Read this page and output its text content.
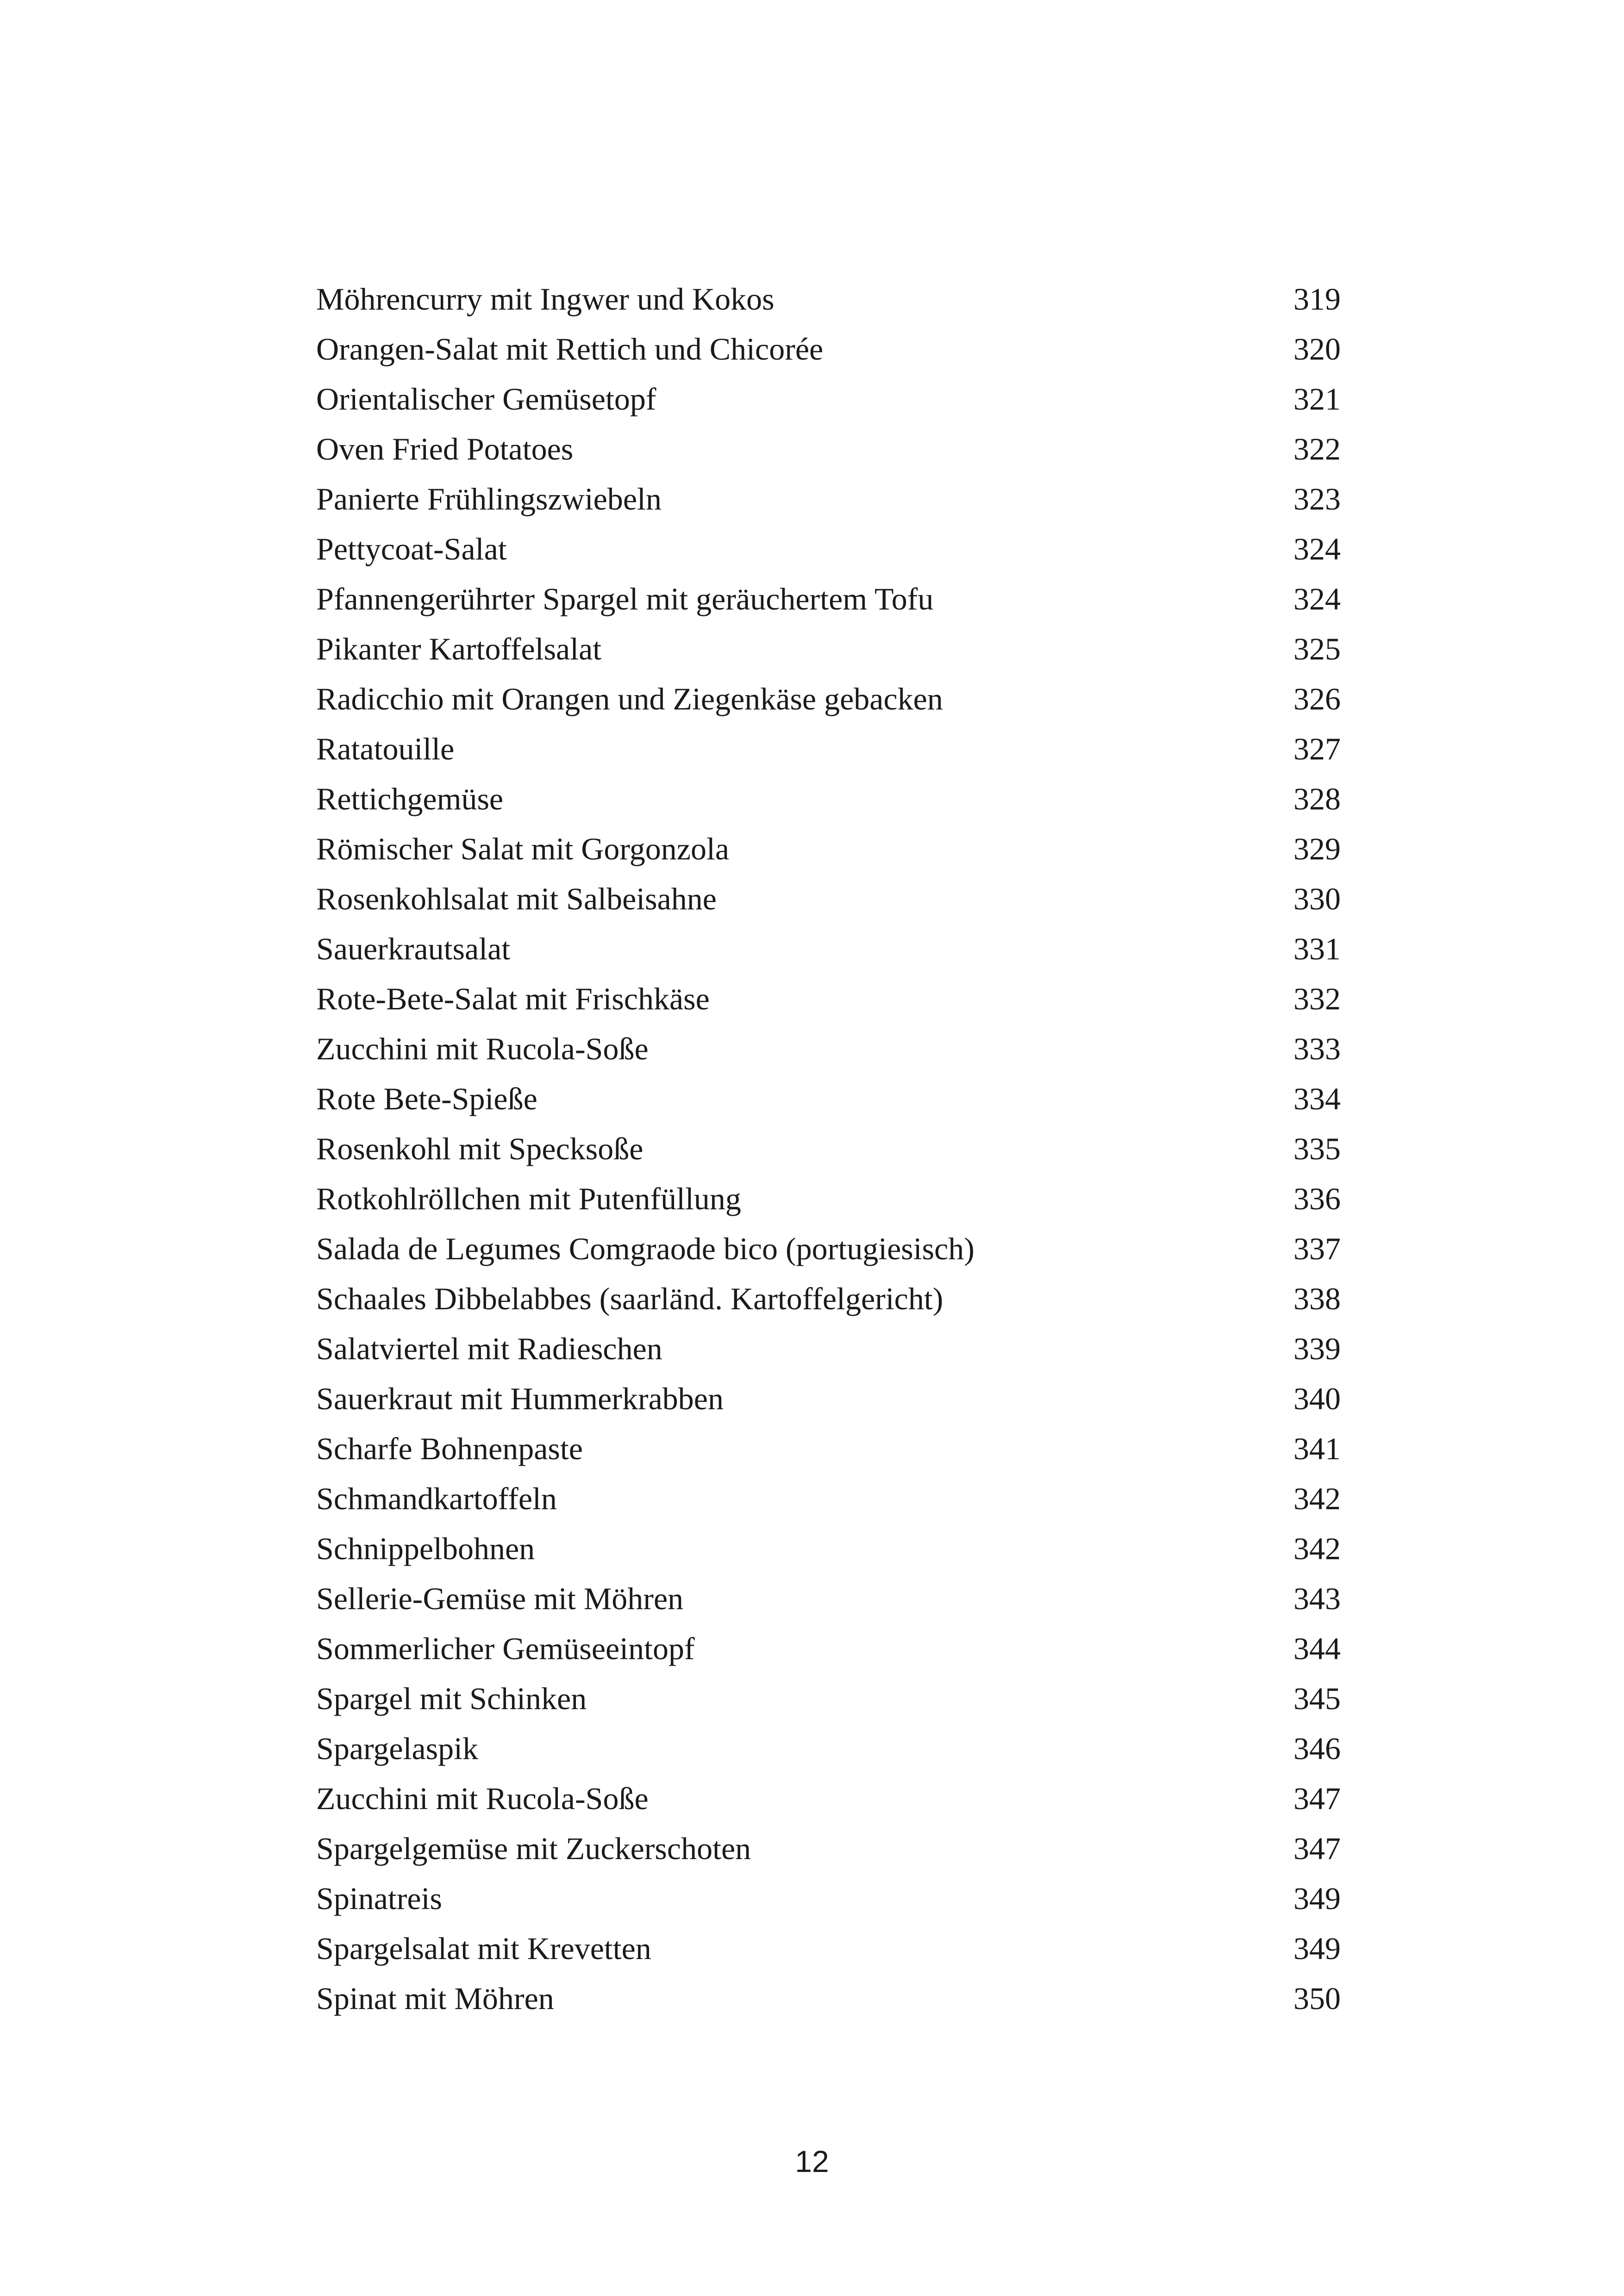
Möhrencurry mit Ingwer und Kokos	319
Orangen-Salat mit Rettich und Chicorée	320
Orientalischer Gemüsetopf	321
Oven Fried Potatoes	322
Panierte Frühlingszwiebeln	323
Pettycoat-Salat	324
Pfannengerührter Spargel mit geräuchertem Tofu	324
Pikanter Kartoffelsalat	325
Radicchio mit Orangen und Ziegenkäse gebacken	326
Ratatouille	327
Rettichgemüse	328
Römischer Salat mit Gorgonzola	329
Rosenkohlsalat mit Salbeisahne	330
Sauerkrautsalat	331
Rote-Bete-Salat mit Frischkäse	332
Zucchini mit Rucola-Soße	333
Rote Bete-Spieße	334
Rosenkohl mit Specksoße	335
Rotkohlröllchen mit Putenfüllung	336
Salada de Legumes Comgraode bico (portugiesisch)	337
Schaales Dibbelabbes (saarländ. Kartoffelgericht)	338
Salatviertel mit Radieschen	339
Sauerkraut mit Hummerkrabben	340
Scharfe Bohnenpaste	341
Schmandkartoffeln	342
Schnippelbohnen	342
Sellerie-Gemüse mit Möhren	343
Sommerlicher Gemüseeintopf	344
Spargel mit Schinken	345
Spargelaspik	346
Zucchini mit Rucola-Soße	347
Spargelgemüse mit Zuckerschoten	347
Spinatreis	349
Spargelsalat mit Krevetten	349
Spinat mit Möhren	350
12
